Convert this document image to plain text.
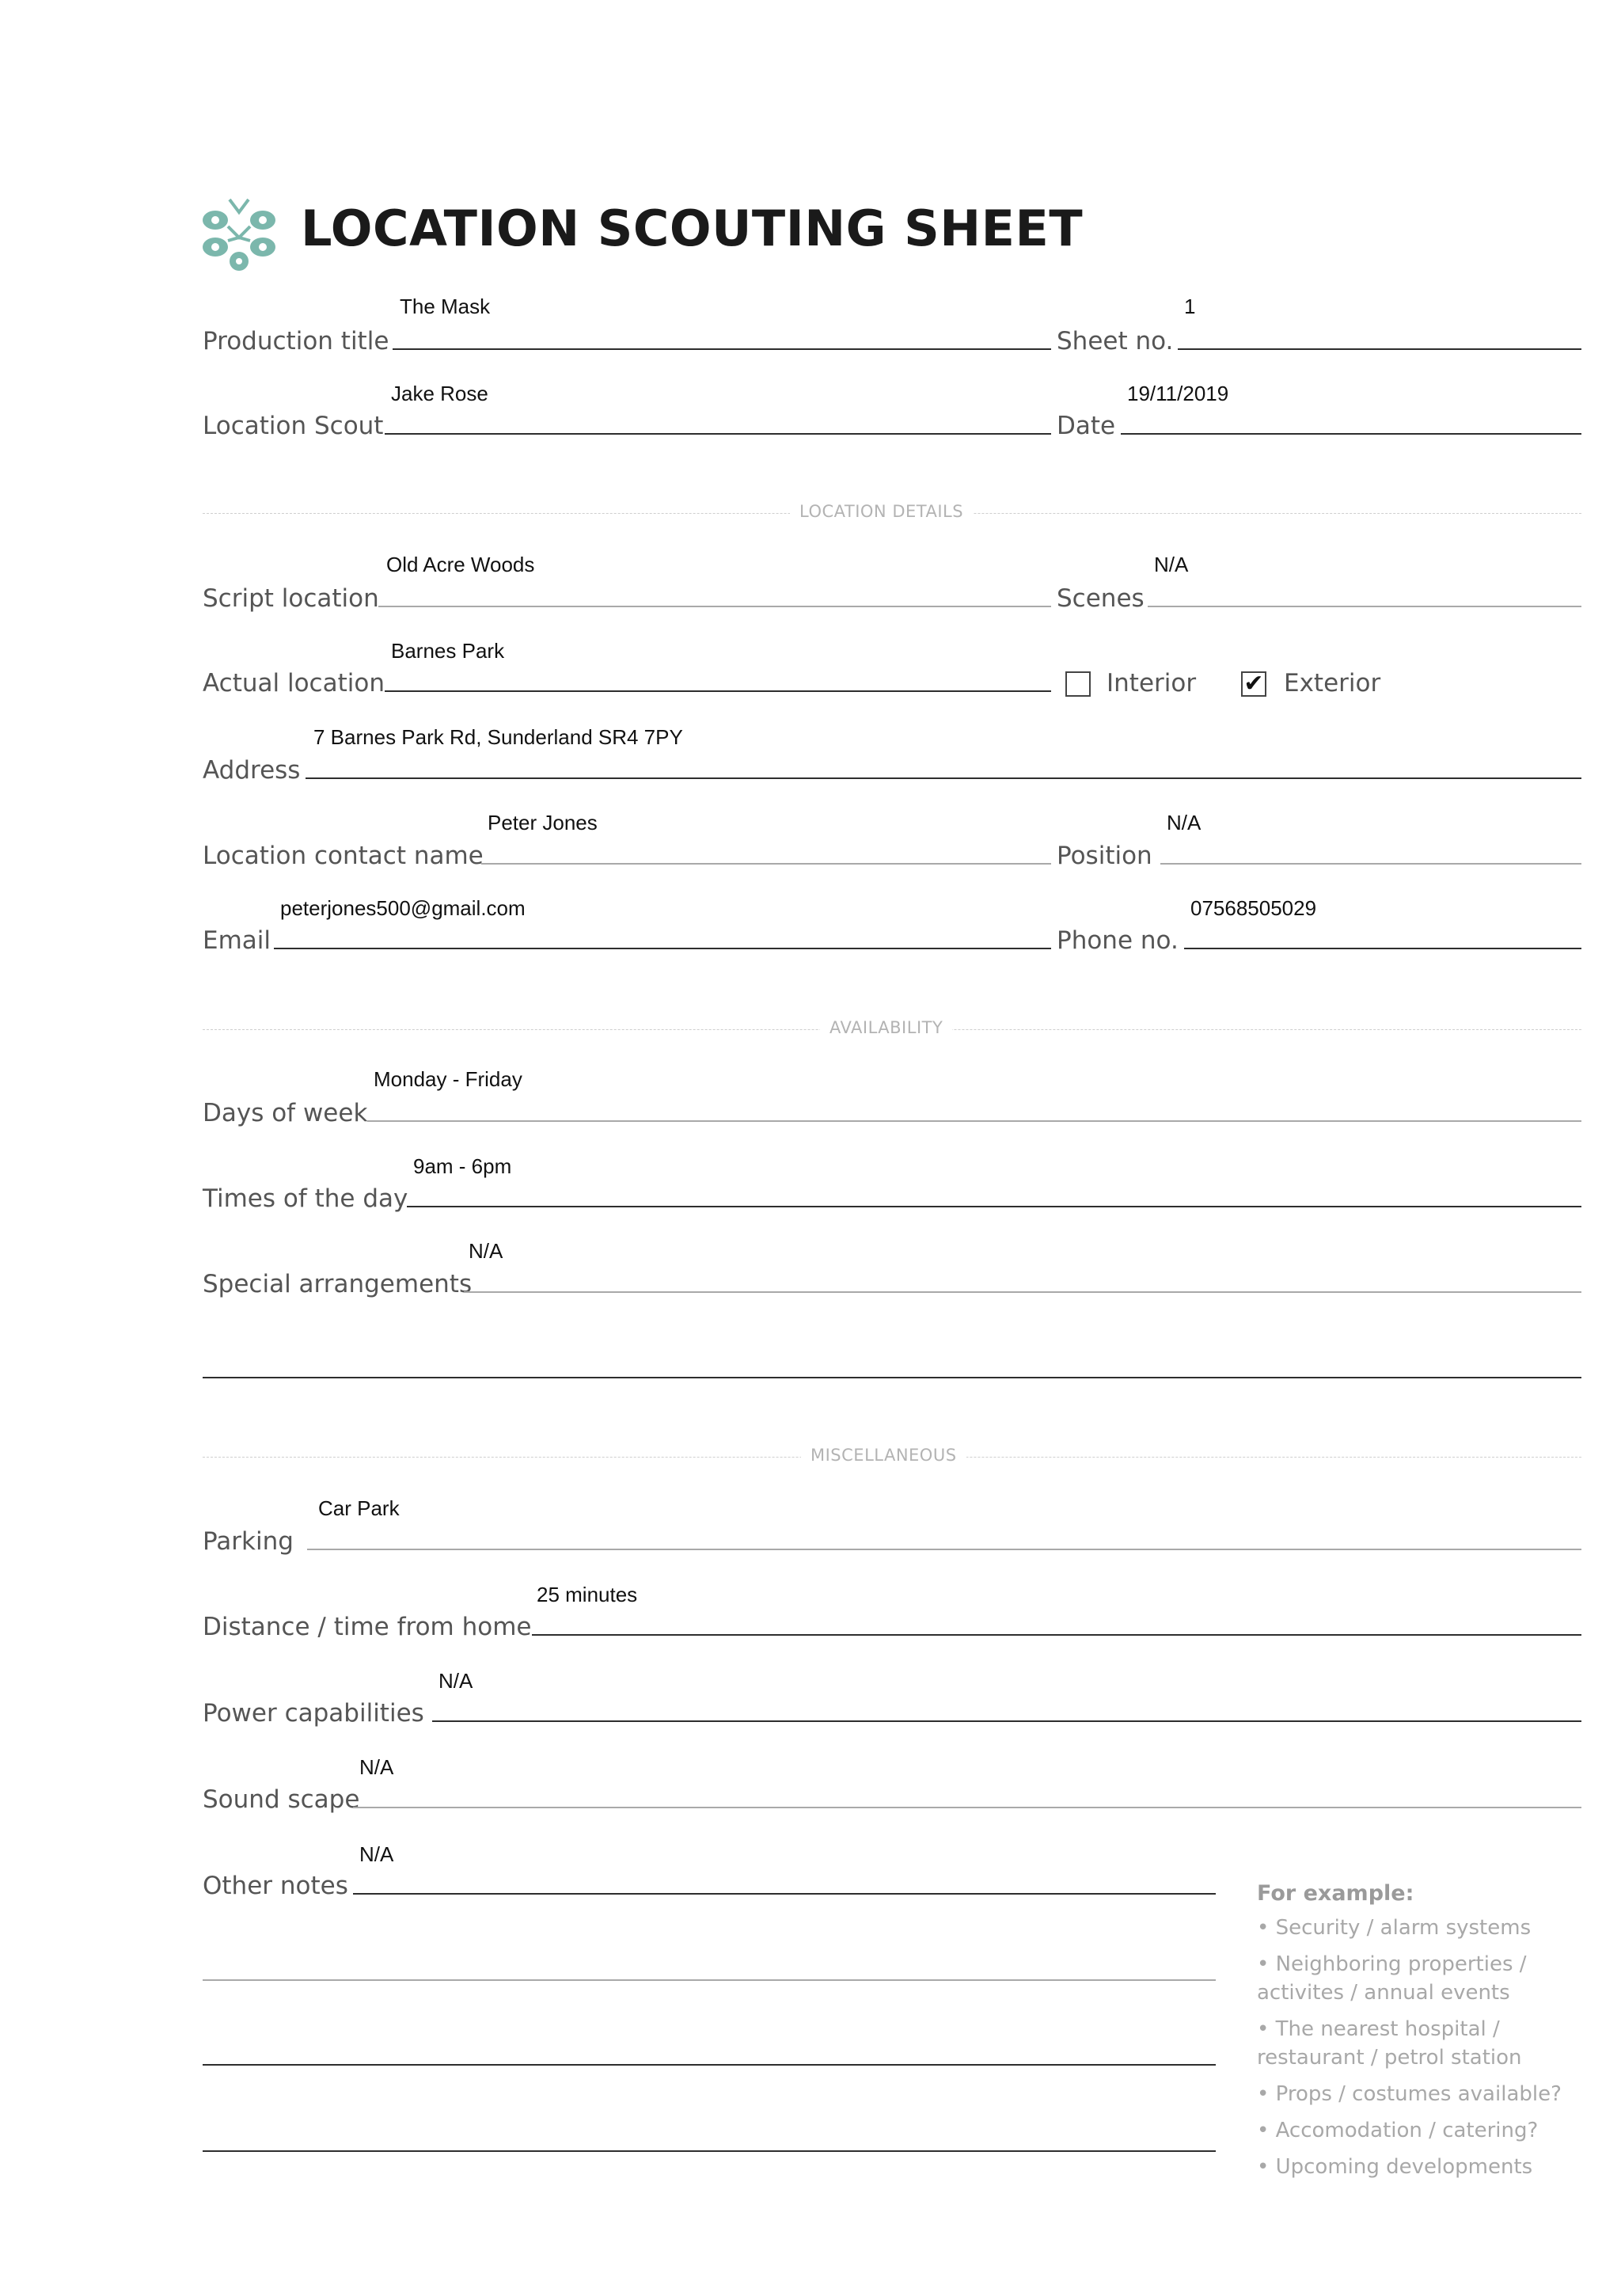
LOCATION SCOUTING SHEET
The Mask
Production title
1
Sheet no.
Jake Rose
Location Scout
19/11/2019
Date
LOCATION DETAILS
Old Acre Woods
Script location
N/A
Scenes
Barnes Park
Actual location	Interior ✔ Exterior
7 Barnes Park Rd, Sunderland SR4 7PY
Address
Peter Jones
Location contact name
N/A
Position
peterjones500@gmail.com
Email
07568505029
Phone no.
AVAILABILITY
Monday - Friday
Days of week
9am - 6pm
Times of the day
N/A
Special arrangements
MISCELLANEOUS
Car Park
Parking
25 minutes
Distance / time from home
N/A
Power capabilities
N/A
Sound scape
N/A
Other notes	For example:
• Security / alarm systems
• Neighboring properties /
activites / annual events
• The nearest hospital /
restaurant / petrol station
• Props / costumes available?
• Accomodation / catering?
• Upcoming developments
